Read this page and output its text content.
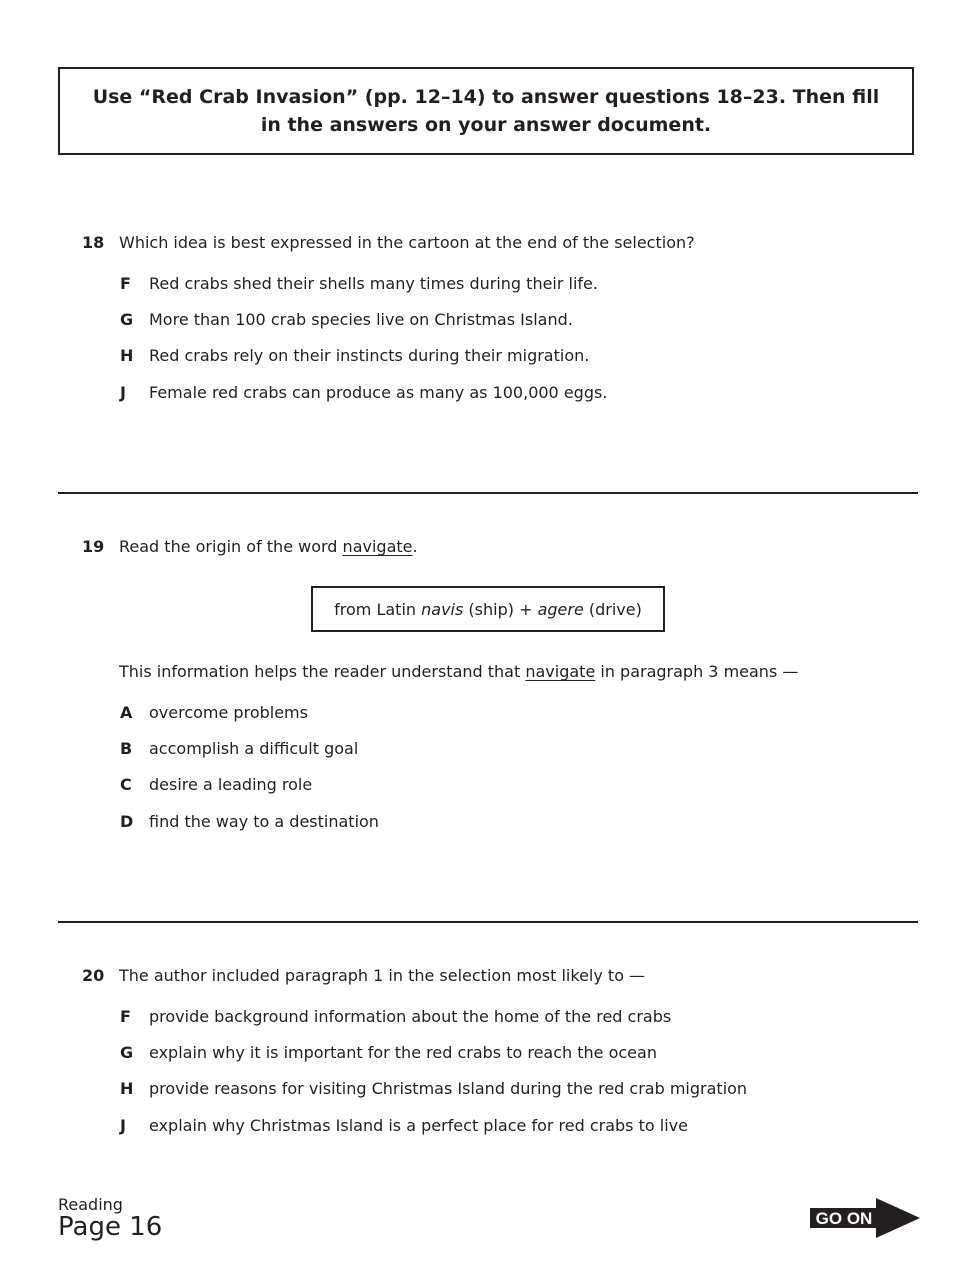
Use “Red Crab Invasion” (pp. 12–14) to answer questions 18–23. Then fill
in the answers on your answer document.
18 Which idea is best expressed in the cartoon at the end of the selection?
F	Red crabs shed their shells many times during their life.
G More than 100 crab species live on Christmas Island.
H Red crabs rely on their instincts during their migration.
J	Female red crabs can produce as many as 100,000 eggs.
19 Read the origin of the word navigate.
from Latin navis (ship) + agere (drive)
This information helps the reader understand that navigate in paragraph 3 means —
A	overcome problems
B	accomplish a difficult goal
C	desire a leading role
D find the way to a destination
20 The author included paragraph 1 in the selection most likely to —
F	provide background information about the home of the red crabs
G explain why it is important for the red crabs to reach the ocean
H provide reasons for visiting Christmas Island during the red crab migration
J	explain why Christmas Island is a perfect place for red crabs to live
Reading
Page 16	GO ON
